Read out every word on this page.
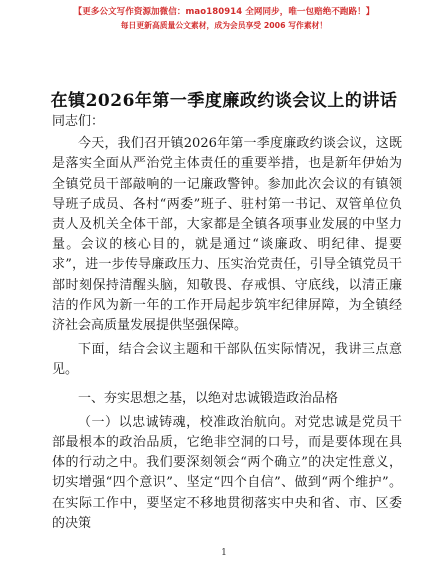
【更多公文写作资源加微信：mao180914 全网同步，唯一包赔绝不跑路！】
每日更新高质量公文素材，成为会员享受 2006 写作素材！
在镇2026年第一季度廉政约谈会议上的讲话

同志们：

今天，我们召开镇2026年第一季度廉政约谈会议，这既是落实全面从严治党主体责任的重要举措，也是新年伊始为全镇党员干部敲响的一记廉政警钟。参加此次会议的有镇领导班子成员、各村“两委”班子、驻村第一书记、双管单位负责人及机关全体干部，大家都是全镇各项事业发展的中坚力量。会议的核心目的，就是通过“谈廉政、明纪律、提要求”，进一步传导廉政压力、压实治党责任，引导全镇党员干部时刻保持清醒头脑，知敬畏、存戒惧、守底线，以清正廉洁的作风为新一年的工作开局起步筑牢纪律屏障，为全镇经济社会高质量发展提供坚强保障。

下面，结合会议主题和干部队伍实际情况，我讲三点意见。

一、夯实思想之基，以绝对忠诚锻造政治品格

（一）以忠诚铸魂，校准政治航向。对党忠诚是党员干部最根本的政治品质，它绝非空洞的口号，而是要体现在具体的行动之中。我们要深刻领会“两个确立”的决定性意义，切实增强“四个意识”、坚定“四个自信”、做到“两个维护”。在实际工作中，要坚定不移地贯彻落实中央和省、市、区委的决策

1
